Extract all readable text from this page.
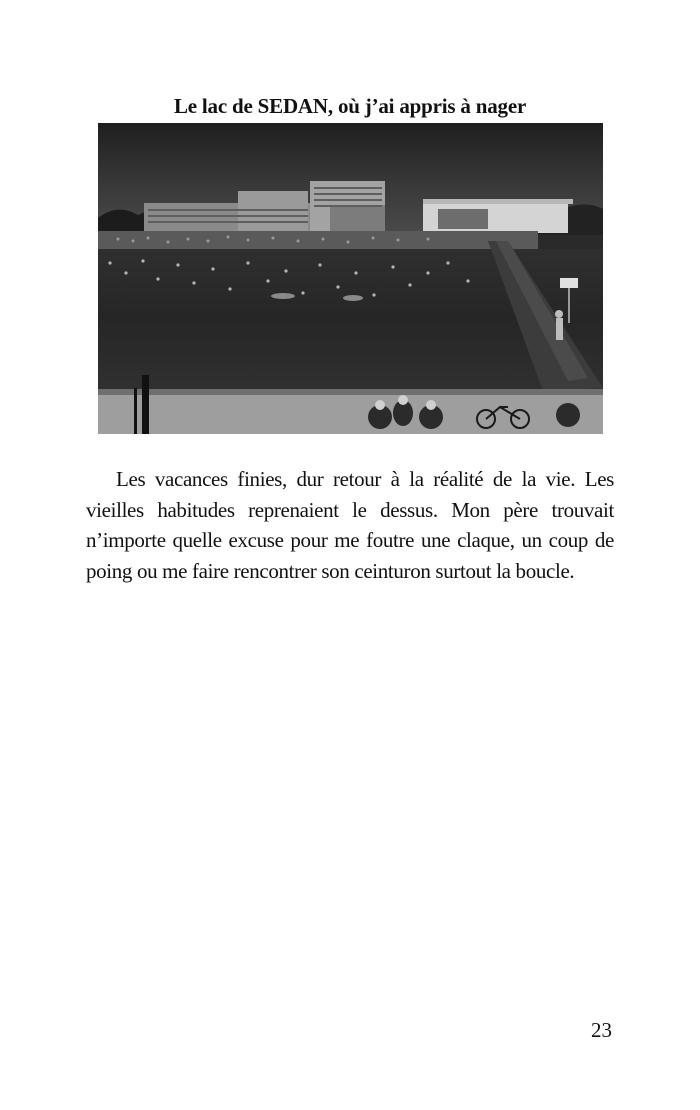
Le lac de SEDAN, où j’ai appris à nager

Les vacances finies, dur retour à la réalité de la vie. Les vieilles habitudes reprenaient le dessus. Mon père trouvait n’importe quelle excuse pour me foutre une claque, un coup de poing ou me faire rencontrer son ceinturon surtout la boucle.

23
